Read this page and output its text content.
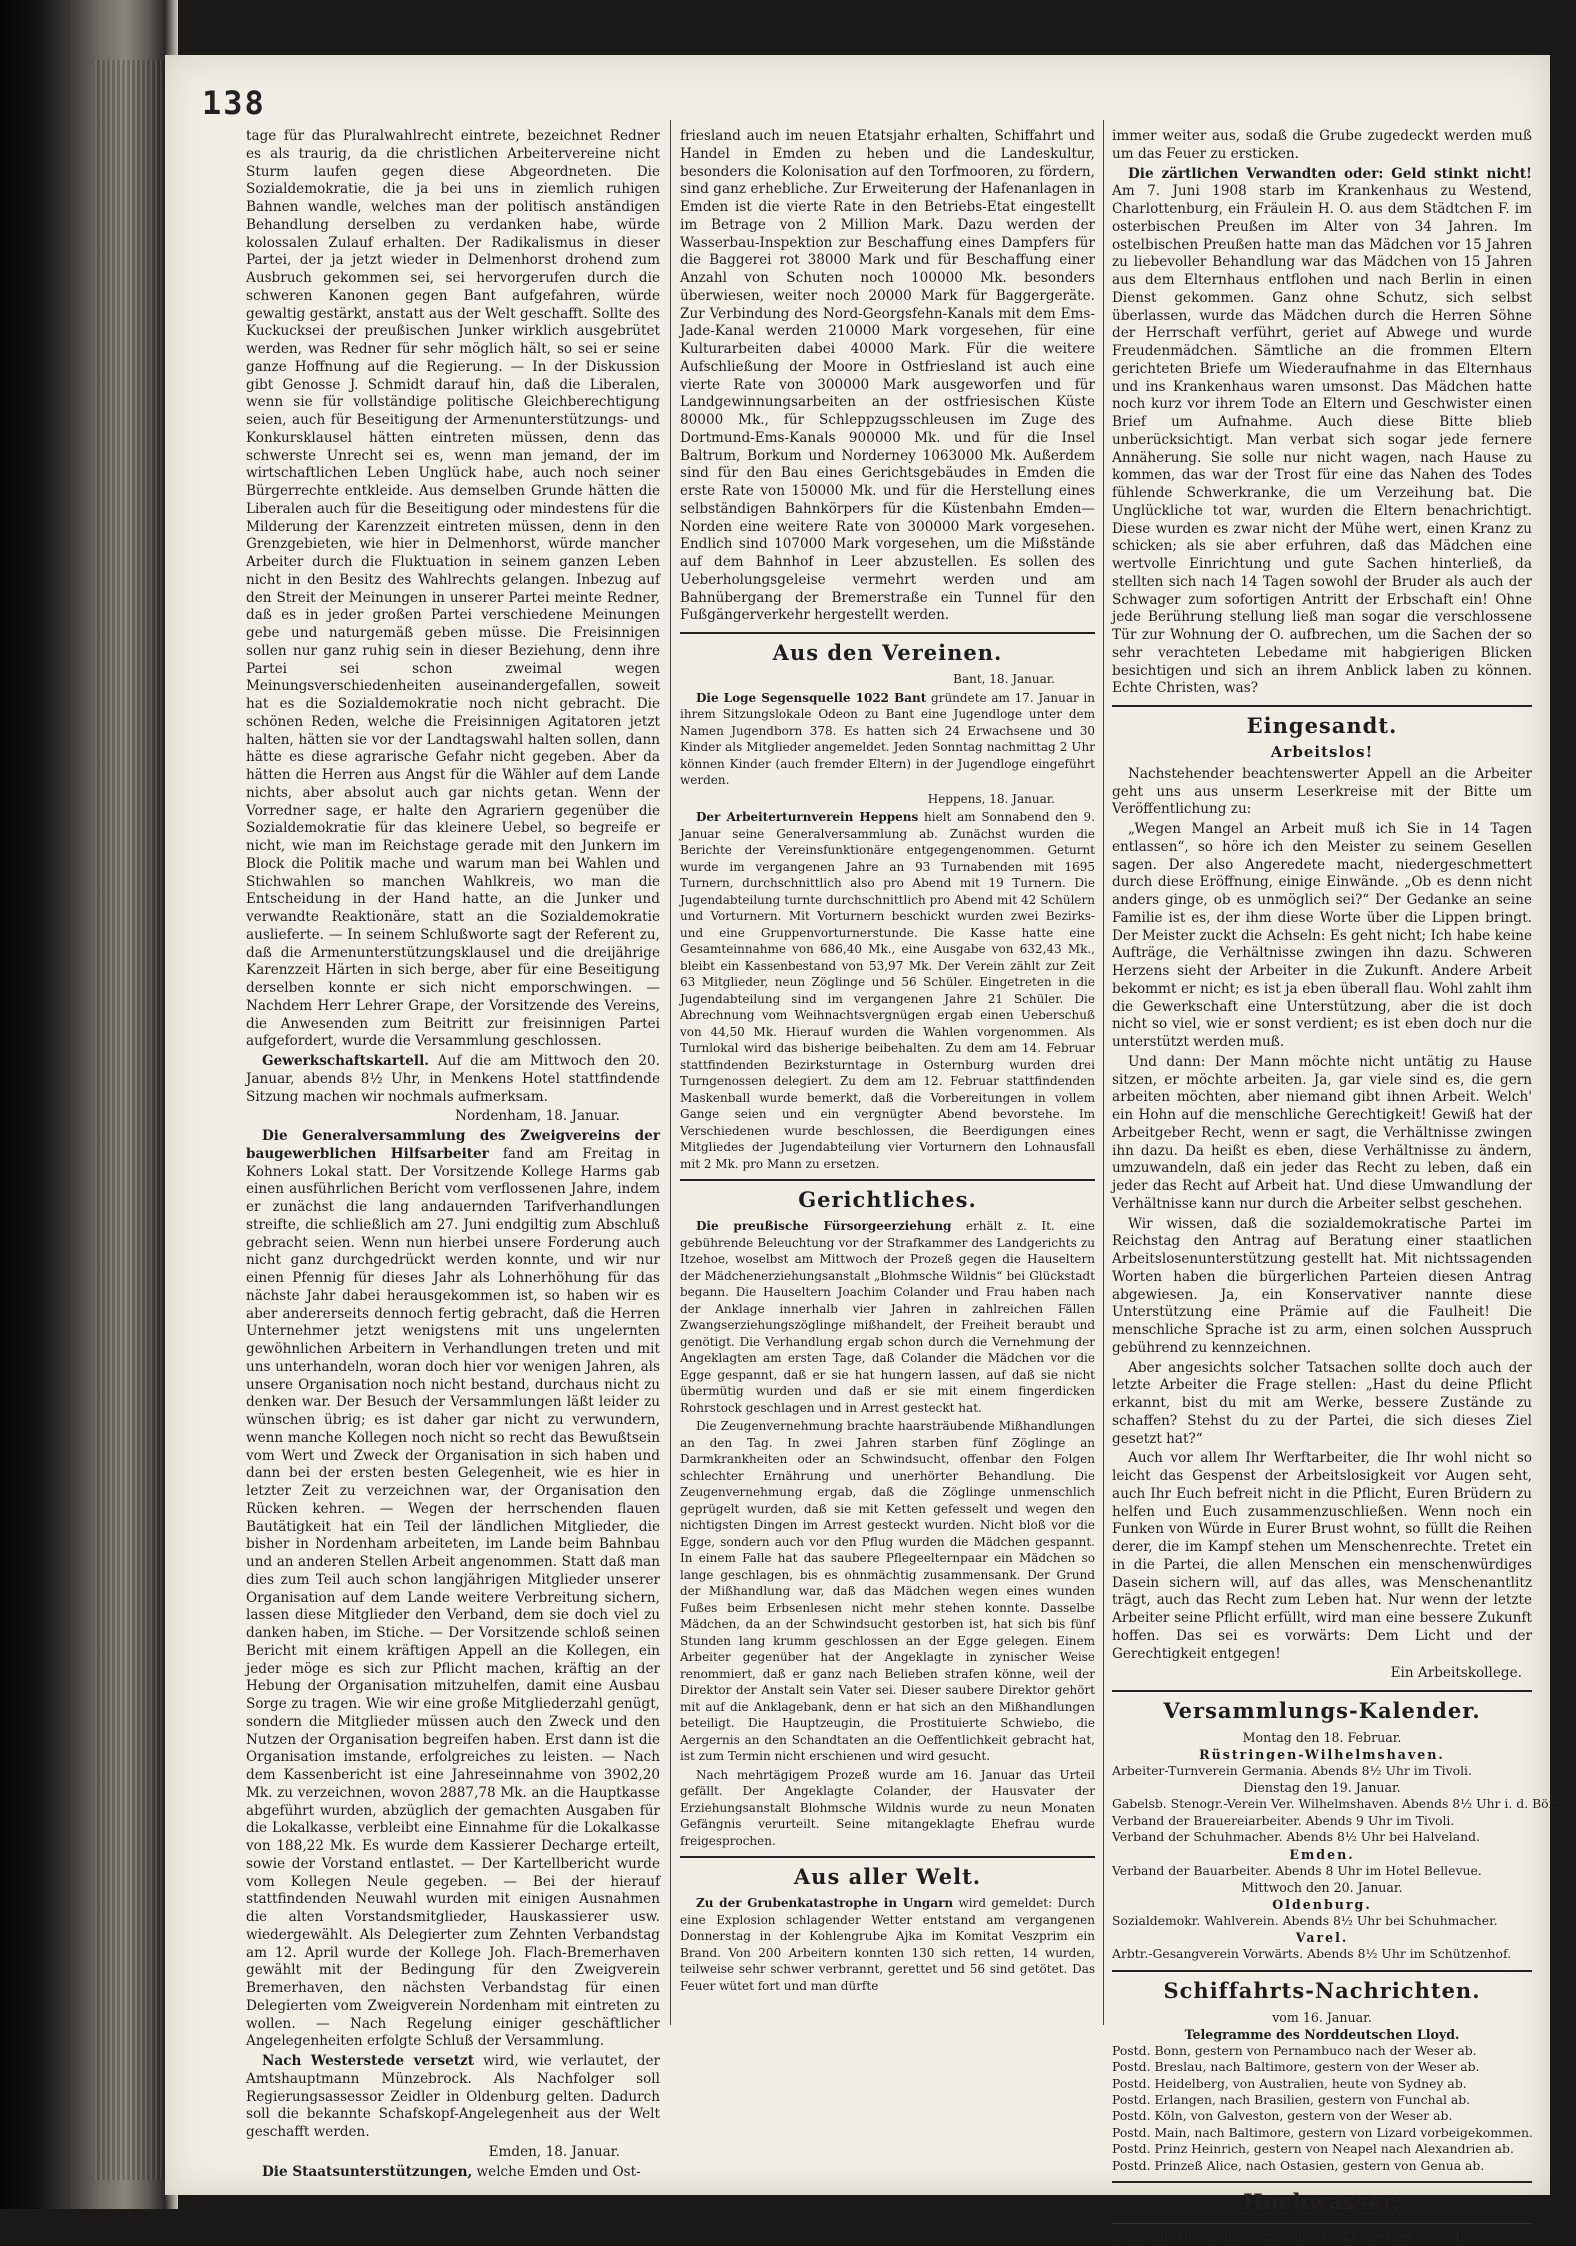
138

tage für das Pluralwahlrecht eintrete, bezeichnet Redner es als traurig, da die christlichen Arbeitervereine nicht Sturm laufen gegen diese Abgeordneten. Die Sozialdemokratie, die ja bei uns in ziemlich ruhigen Bahnen wandle, welches man der politisch anständigen Behandlung derselben zu verdanken habe, würde kolossalen Zulauf erhalten. Der Radikalismus in dieser Partei, der ja jetzt wieder in Delmenhorst drohend zum Ausbruch gekommen sei, sei hervorgerufen durch die schweren Kanonen gegen Bant aufgefahren, würde gewaltig gestärkt, anstatt aus der Welt geschafft. Sollte des Kuckucksei der preußischen Junker wirklich ausgebrütet werden, was Redner für sehr möglich hält, so sei er seine ganze Hoffnung auf die Regierung. — In der Diskussion gibt Genosse J. Schmidt darauf hin, daß die Liberalen, wenn sie für vollständige politische Gleichberechtigung seien, auch für Beseitigung der Armenunterstützungs- und Konkursklausel hätten eintreten müssen, denn das schwerste Unrecht sei es, wenn man jemand, der im wirtschaftlichen Leben Unglück habe, auch noch seiner Bürgerrechte entkleide. Aus demselben Grunde hätten die Liberalen auch für die Beseitigung oder mindestens für die Milderung der Karenzzeit eintreten müssen, denn in den Grenzgebieten, wie hier in Delmenhorst, würde mancher Arbeiter durch die Fluktuation in seinem ganzen Leben nicht in den Besitz des Wahlrechts gelangen. Inbezug auf den Streit der Meinungen in unserer Partei meinte Redner, daß es in jeder großen Partei verschiedene Meinungen gebe und naturgemäß geben müsse. Die Freisinnigen sollen nur ganz ruhig sein in dieser Beziehung, denn ihre Partei sei schon zweimal wegen Meinungsverschiedenheiten auseinandergefallen, soweit hat es die Sozialdemokratie noch nicht gebracht. Die schönen Reden, welche die Freisinnigen Agitatoren jetzt halten, hätten sie vor der Landtagswahl halten sollen, dann hätte es diese agrarische Gefahr nicht gegeben. Aber da hätten die Herren aus Angst für die Wähler auf dem Lande nichts, aber absolut auch gar nichts getan. Wenn der Vorredner sage, er halte den Agrariern gegenüber die Sozialdemokratie für das kleinere Uebel, so begreife er nicht, wie man im Reichstage gerade mit den Junkern im Block die Politik mache und warum man bei Wahlen und Stichwahlen so manchen Wahlkreis, wo man die Entscheidung in der Hand hatte, an die Junker und verwandte Reaktionäre, statt an die Sozialdemokratie auslieferte. — In seinem Schlußworte sagt der Referent zu, daß die Armenunterstützungsklausel und die dreijährige Karenzzeit Härten in sich berge, aber für eine Beseitigung derselben konnte er sich nicht emporschwingen. — Nachdem Herr Lehrer Grape, der Vorsitzende des Vereins, die Anwesenden zum Beitritt zur freisinnigen Partei aufgefordert, wurde die Versammlung geschlossen.

Gewerkschaftskartell. Auf die am Mittwoch den 20. Januar, abends 8½ Uhr, in Menkens Hotel stattfindende Sitzung machen wir nochmals aufmerksam.

Nordenham, 18. Januar.

Die Generalversammlung des Zweigvereins der baugewerblichen Hilfsarbeiter fand am Freitag in Kohners Lokal statt. Der Vorsitzende Kollege Harms gab einen ausführlichen Bericht vom verflossenen Jahre, indem er zunächst die lang andauernden Tarifverhandlungen streifte, die schließlich am 27. Juni endgiltig zum Abschluß gebracht seien. Wenn nun hierbei unsere Forderung auch nicht ganz durchgedrückt werden konnte, und wir nur einen Pfennig für dieses Jahr als Lohnerhöhung für das nächste Jahr dabei herausgekommen ist, so haben wir es aber andererseits dennoch fertig gebracht, daß die Herren Unternehmer jetzt wenigstens mit uns ungelernten gewöhnlichen Arbeitern in Verhandlungen treten und mit uns unterhandeln, woran doch hier vor wenigen Jahren, als unsere Organisation noch nicht bestand, durchaus nicht zu denken war. Der Besuch der Versammlungen läßt leider zu wünschen übrig; es ist daher gar nicht zu verwundern, wenn manche Kollegen noch nicht so recht das Bewußtsein vom Wert und Zweck der Organisation in sich haben und dann bei der ersten besten Gelegenheit, wie es hier in letzter Zeit zu verzeichnen war, der Organisation den Rücken kehren. — Wegen der herrschenden flauen Bautätigkeit hat ein Teil der ländlichen Mitglieder, die bisher in Nordenham arbeiteten, im Lande beim Bahnbau und an anderen Stellen Arbeit angenommen. Statt daß man dies zum Teil auch schon langjährigen Mitglieder unserer Organisation auf dem Lande weitere Verbreitung sichern, lassen diese Mitglieder den Verband, dem sie doch viel zu danken haben, im Stiche. — Der Vorsitzende schloß seinen Bericht mit einem kräftigen Appell an die Kollegen, ein jeder möge es sich zur Pflicht machen, kräftig an der Hebung der Organisation mitzuhelfen, damit eine Ausbau Sorge zu tragen. Wie wir eine große Mitgliederzahl genügt, sondern die Mitglieder müssen auch den Zweck und den Nutzen der Organisation begreifen haben. Erst dann ist die Organisation imstande, erfolgreiches zu leisten. — Nach dem Kassenbericht ist eine Jahreseinnahme von 3902,20 Mk. zu verzeichnen, wovon 2887,78 Mk. an die Hauptkasse abgeführt wurden, abzüglich der gemachten Ausgaben für die Lokalkasse, verbleibt eine Einnahme für die Lokalkasse von 188,22 Mk. Es wurde dem Kassierer Decharge erteilt, sowie der Vorstand entlastet. — Der Kartellbericht wurde vom Kollegen Neule gegeben. — Bei der hierauf stattfindenden Neuwahl wurden mit einigen Ausnahmen die alten Vorstandsmitglieder, Hauskassierer usw. wiedergewählt. Als Delegierter zum Zehnten Verbandstag am 12. April wurde der Kollege Joh. Flach-Bremerhaven gewählt mit der Bedingung für den Zweigverein Bremerhaven, den nächsten Verbandstag für einen Delegierten vom Zweigverein Nordenham mit eintreten zu wollen. — Nach Regelung einiger geschäftlicher Angelegenheiten erfolgte Schluß der Versammlung.

Nach Westerstede versetzt wird, wie verlautet, der Amtshauptmann Münzebrock. Als Nachfolger soll Regierungsassessor Zeidler in Oldenburg gelten. Dadurch soll die bekannte Schafskopf-Angelegenheit aus der Welt geschafft werden.

Emden, 18. Januar.

Die Staatsunterstützungen, welche Emden und Ost-

friesland auch im neuen Etatsjahr erhalten, Schiffahrt und Handel in Emden zu heben und die Landeskultur, besonders die Kolonisation auf den Torfmooren, zu fördern, sind ganz erhebliche. Zur Erweiterung der Hafenanlagen in Emden ist die vierte Rate in den Betriebs-Etat eingestellt im Betrage von 2 Million Mark. Dazu werden der Wasserbau-Inspektion zur Beschaffung eines Dampfers für die Baggerei rot 38000 Mark und für Beschaffung einer Anzahl von Schuten noch 100000 Mk. besonders überwiesen, weiter noch 20000 Mark für Baggergeräte. Zur Verbindung des Nord-Georgsfehn-Kanals mit dem Ems-Jade-Kanal werden 210000 Mark vorgesehen, für eine Kulturarbeiten dabei 40000 Mark. Für die weitere Aufschließung der Moore in Ostfriesland ist auch eine vierte Rate von 300000 Mark ausgeworfen und für Landgewinnungsarbeiten an der ostfriesischen Küste 80000 Mk., für Schleppzugsschleusen im Zuge des Dortmund-Ems-Kanals 900000 Mk. und für die Insel Baltrum, Borkum und Norderney 1063000 Mk. Außerdem sind für den Bau eines Gerichtsgebäudes in Emden die erste Rate von 150000 Mk. und für die Herstellung eines selbständigen Bahnkörpers für die Küstenbahn Emden—Norden eine weitere Rate von 300000 Mark vorgesehen. Endlich sind 107000 Mark vorgesehen, um die Mißstände auf dem Bahnhof in Leer abzustellen. Es sollen des Ueberholungsgeleise vermehrt werden und am Bahnübergang der Bremerstraße ein Tunnel für den Fußgängerverkehr hergestellt werden.

Aus den Vereinen.

Bant, 18. Januar.

Die Loge Segensquelle 1022 Bant gründete am 17. Januar in ihrem Sitzungslokale Odeon zu Bant eine Jugendloge unter dem Namen Jugendborn 378. Es hatten sich 24 Erwachsene und 30 Kinder als Mitglieder angemeldet. Jeden Sonntag nachmittag 2 Uhr können Kinder (auch fremder Eltern) in der Jugendloge eingeführt werden.

Heppens, 18. Januar.

Der Arbeiterturnverein Heppens hielt am Sonnabend den 9. Januar seine Generalversammlung ab. Zunächst wurden die Berichte der Vereinsfunktionäre entgegengenommen. Geturnt wurde im vergangenen Jahre an 93 Turnabenden mit 1695 Turnern, durchschnittlich also pro Abend mit 19 Turnern. Die Jugendabteilung turnte durchschnittlich pro Abend mit 42 Schülern und Vorturnern. Mit Vorturnern beschickt wurden zwei Bezirks- und eine Gruppenvorturnerstunde. Die Kasse hatte eine Gesamteinnahme von 686,40 Mk., eine Ausgabe von 632,43 Mk., bleibt ein Kassenbestand von 53,97 Mk. Der Verein zählt zur Zeit 63 Mitglieder, neun Zöglinge und 56 Schüler. Eingetreten in die Jugendabteilung sind im vergangenen Jahre 21 Schüler. Die Abrechnung vom Weihnachtsvergnügen ergab einen Ueberschuß von 44,50 Mk. Hierauf wurden die Wahlen vorgenommen. Als Turnlokal wird das bisherige beibehalten. Zu dem am 14. Februar stattfindenden Bezirksturntage in Osternburg wurden drei Turngenossen delegiert. Zu dem am 12. Februar stattfindenden Maskenball wurde bemerkt, daß die Vorbereitungen in vollem Gange seien und ein vergnügter Abend bevorstehe. Im Verschiedenen wurde beschlossen, die Beerdigungen eines Mitgliedes der Jugendabteilung vier Vorturnern den Lohnausfall mit 2 Mk. pro Mann zu ersetzen.

Gerichtliches.

Die preußische Fürsorgeerziehung erhält z. It. eine gebührende Beleuchtung vor der Strafkammer des Landgerichts zu Itzehoe, woselbst am Mittwoch der Prozeß gegen die Hauseltern der Mädchenerziehungsanstalt „Blohmsche Wildnis“ bei Glückstadt begann. Die Hauseltern Joachim Colander und Frau haben nach der Anklage innerhalb vier Jahren in zahlreichen Fällen Zwangserziehungszöglinge mißhandelt, der Freiheit beraubt und genötigt. Die Verhandlung ergab schon durch die Vernehmung der Angeklagten am ersten Tage, daß Colander die Mädchen vor die Egge gespannt, daß er sie hat hungern lassen, auf daß sie nicht übermütig wurden und daß er sie mit einem fingerdicken Rohrstock geschlagen und in Arrest gesteckt hat.

Die Zeugenvernehmung brachte haarsträubende Mißhandlungen an den Tag. In zwei Jahren starben fünf Zöglinge an Darmkrankheiten oder an Schwindsucht, offenbar den Folgen schlechter Ernährung und unerhörter Behandlung. Die Zeugenvernehmung ergab, daß die Zöglinge unmenschlich geprügelt wurden, daß sie mit Ketten gefesselt und wegen den nichtigsten Dingen im Arrest gesteckt wurden. Nicht bloß vor die Egge, sondern auch vor den Pflug wurden die Mädchen gespannt. In einem Falle hat das saubere Pflegeelternpaar ein Mädchen so lange geschlagen, bis es ohnmächtig zusammensank. Der Grund der Mißhandlung war, daß das Mädchen wegen eines wunden Fußes beim Erbsenlesen nicht mehr stehen konnte. Dasselbe Mädchen, da an der Schwindsucht gestorben ist, hat sich bis fünf Stunden lang krumm geschlossen an der Egge gelegen. Einem Arbeiter gegenüber hat der Angeklagte in zynischer Weise renommiert, daß er ganz nach Belieben strafen könne, weil der Direktor der Anstalt sein Vater sei. Dieser saubere Direktor gehört mit auf die Anklagebank, denn er hat sich an den Mißhandlungen beteiligt. Die Hauptzeugin, die Prostituierte Schwiebo, die Aergernis an den Schandtaten an die Oeffentlichkeit gebracht hat, ist zum Termin nicht erschienen und wird gesucht.

Nach mehrtägigem Prozeß wurde am 16. Januar das Urteil gefällt. Der Angeklagte Colander, der Hausvater der Erziehungsanstalt Blohmsche Wildnis wurde zu neun Monaten Gefängnis verurteilt. Seine mitangeklagte Ehefrau wurde freigesprochen.

Aus aller Welt.

Zu der Grubenkatastrophe in Ungarn wird gemeldet: Durch eine Explosion schlagender Wetter entstand am vergangenen Donnerstag in der Kohlengrube Ajka im Komitat Veszprim ein Brand. Von 200 Arbeitern konnten 130 sich retten, 14 wurden, teilweise sehr schwer verbrannt, gerettet und 56 sind getötet. Das Feuer wütet fort und man dürfte

immer weiter aus, sodaß die Grube zugedeckt werden muß um das Feuer zu ersticken.

Die zärtlichen Verwandten oder: Geld stinkt nicht! Am 7. Juni 1908 starb im Krankenhaus zu Westend, Charlottenburg, ein Fräulein H. O. aus dem Städtchen F. im osterbischen Preußen im Alter von 34 Jahren. Im ostelbischen Preußen hatte man das Mädchen vor 15 Jahren zu liebevoller Behandlung war das Mädchen von 15 Jahren aus dem Elternhaus entflohen und nach Berlin in einen Dienst gekommen. Ganz ohne Schutz, sich selbst überlassen, wurde das Mädchen durch die Herren Söhne der Herrschaft verführt, geriet auf Abwege und wurde Freudenmädchen. Sämtliche an die frommen Eltern gerichteten Briefe um Wiederaufnahme in das Elternhaus und ins Krankenhaus waren umsonst. Das Mädchen hatte noch kurz vor ihrem Tode an Eltern und Geschwister einen Brief um Aufnahme. Auch diese Bitte blieb unberücksichtigt. Man verbat sich sogar jede fernere Annäherung. Sie solle nur nicht wagen, nach Hause zu kommen, das war der Trost für eine das Nahen des Todes fühlende Schwerkranke, die um Verzeihung bat. Die Unglückliche tot war, wurden die Eltern benachrichtigt. Diese wurden es zwar nicht der Mühe wert, einen Kranz zu schicken; als sie aber erfuhren, daß das Mädchen eine wertvolle Einrichtung und gute Sachen hinterließ, da stellten sich nach 14 Tagen sowohl der Bruder als auch der Schwager zum sofortigen Antritt der Erbschaft ein! Ohne jede Berührung stellung ließ man sogar die verschlossene Tür zur Wohnung der O. aufbrechen, um die Sachen der so sehr verachteten Lebedame mit habgierigen Blicken besichtigen und sich an ihrem Anblick laben zu können. Echte Christen, was?

Eingesandt.
Arbeitslos!

Nachstehender beachtenswerter Appell an die Arbeiter geht uns aus unserm Leserkreise mit der Bitte um Veröffentlichung zu:

„Wegen Mangel an Arbeit muß ich Sie in 14 Tagen entlassen“, so höre ich den Meister zu seinem Gesellen sagen. Der also Angeredete macht, niedergeschmettert durch diese Eröffnung, einige Einwände. „Ob es denn nicht anders ginge, ob es unmöglich sei?“ Der Gedanke an seine Familie ist es, der ihm diese Worte über die Lippen bringt. Der Meister zuckt die Achseln: Es geht nicht; Ich habe keine Aufträge, die Verhältnisse zwingen ihn dazu. Schweren Herzens sieht der Arbeiter in die Zukunft. Andere Arbeit bekommt er nicht; es ist ja eben überall flau. Wohl zahlt ihm die Gewerkschaft eine Unterstützung, aber die ist doch nicht so viel, wie er sonst verdient; es ist eben doch nur die unterstützt werden muß.

Und dann: Der Mann möchte nicht untätig zu Hause sitzen, er möchte arbeiten. Ja, gar viele sind es, die gern arbeiten möchten, aber niemand gibt ihnen Arbeit. Welch' ein Hohn auf die menschliche Gerechtigkeit! Gewiß hat der Arbeitgeber Recht, wenn er sagt, die Verhältnisse zwingen ihn dazu. Da heißt es eben, diese Verhältnisse zu ändern, umzuwandeln, daß ein jeder das Recht zu leben, daß ein jeder das Recht auf Arbeit hat. Und diese Umwandlung der Verhältnisse kann nur durch die Arbeiter selbst geschehen.

Wir wissen, daß die sozialdemokratische Partei im Reichstag den Antrag auf Beratung einer staatlichen Arbeitslosenunterstützung gestellt hat. Mit nichtssagenden Worten haben die bürgerlichen Parteien diesen Antrag abgewiesen. Ja, ein Konservativer nannte diese Unterstützung eine Prämie auf die Faulheit! Die menschliche Sprache ist zu arm, einen solchen Ausspruch gebührend zu kennzeichnen.

Aber angesichts solcher Tatsachen sollte doch auch der letzte Arbeiter die Frage stellen: „Hast du deine Pflicht erkannt, bist du mit am Werke, bessere Zustände zu schaffen? Stehst du zu der Partei, die sich dieses Ziel gesetzt hat?“

Auch vor allem Ihr Werftarbeiter, die Ihr wohl nicht so leicht das Gespenst der Arbeitslosigkeit vor Augen seht, auch Ihr Euch befreit nicht in die Pflicht, Euren Brüdern zu helfen und Euch zusammenzuschließen. Wenn noch ein Funken von Würde in Eurer Brust wohnt, so füllt die Reihen derer, die im Kampf stehen um Menschenrechte. Tretet ein in die Partei, die allen Menschen ein menschenwürdiges Dasein sichern will, auf das alles, was Menschenantlitz trägt, auch das Recht zum Leben hat. Nur wenn der letzte Arbeiter seine Pflicht erfüllt, wird man eine bessere Zukunft hoffen. Das sei es vorwärts: Dem Licht und der Gerechtigkeit entgegen!

Ein Arbeitskollege.

Versammlungs-Kalender.
Montag den 18. Februar.
Rüstringen-Wilhelmshaven.
Arbeiter-Turnverein Germania. Abends 8½ Uhr im Tivoli.
Dienstag den 19. Januar.
Gabelsb. Stenogr.-Verein Ver. Wilhelmshaven. Abends 8½ Uhr i. d. Börse.
Verband der Brauereiarbeiter. Abends 9 Uhr im Tivoli.
Verband der Schuhmacher. Abends 8½ Uhr bei Halveland.
Emden.
Verband der Bauarbeiter. Abends 8 Uhr im Hotel Bellevue.
Mittwoch den 20. Januar.
Oldenburg.
Sozialdemokr. Wahlverein. Abends 8½ Uhr bei Schuhmacher.
Varel.
Arbtr.-Gesangverein Vorwärts. Abends 8½ Uhr im Schützenhof.
Schiffahrts-Nachrichten.
vom 16. Januar.
Telegramme des Norddeutschen Lloyd.
Postd. Bonn, gestern von Pernambuco nach der Weser ab.
Postd. Breslau, nach Baltimore, gestern von der Weser ab.
Postd. Heidelberg, von Australien, heute von Sydney ab.
Postd. Erlangen, nach Brasilien, gestern von Funchal ab.
Postd. Köln, von Galveston, gestern von der Weser ab.
Postd. Main, nach Baltimore, gestern von Lizard vorbeigekommen.
Postd. Prinz Heinrich, gestern von Neapel nach Alexandrien ab.
Postd. Prinzeß Alice, nach Ostasien, gestern von Genua ab.
Hochwasser.
Dienstag, 19. Januar: vormittags 10.42, nachmittags 11.16
